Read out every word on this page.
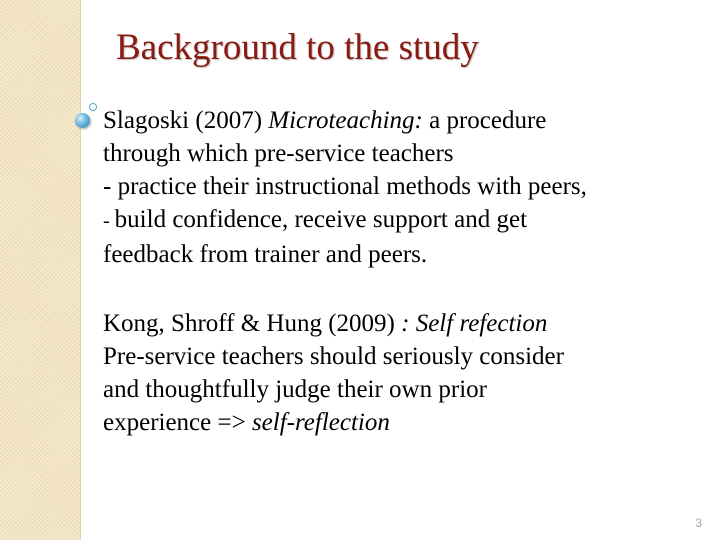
Background to the study
Slagoski (2007) Microteaching: a procedure
through which pre-service teachers
- practice their instructional methods with peers,
- build confidence, receive support and get
feedback from trainer and peers.
Kong, Shroff & Hung (2009) : Self refection
Pre-service teachers should seriously consider
and thoughtfully judge their own prior
experience => self-reflection
3
